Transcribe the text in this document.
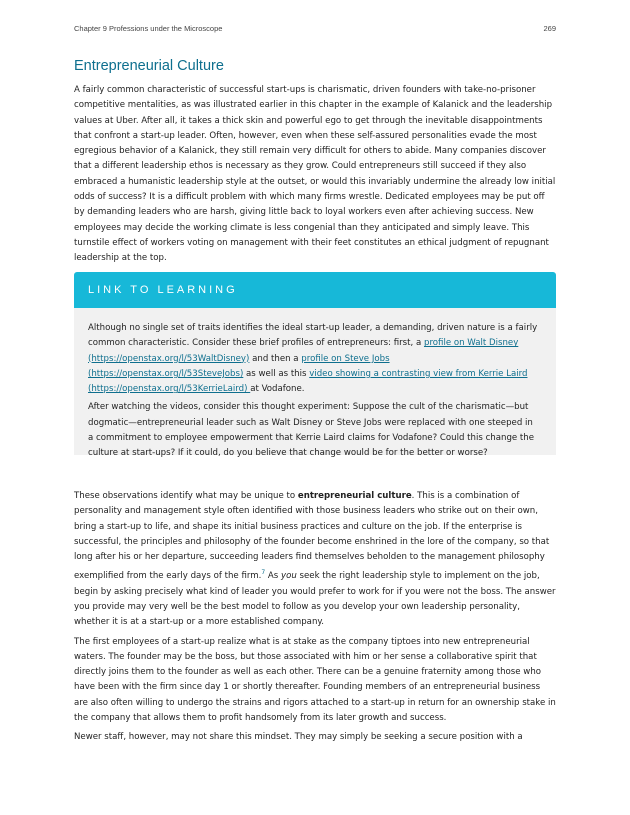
Chapter 9 Professions under the Microscope	269
Entrepreneurial Culture

A fairly common characteristic of successful start-ups is charismatic, driven founders with take-no-prisoner competitive mentalities, as was illustrated earlier in this chapter in the example of Kalanick and the leadership values at Uber. After all, it takes a thick skin and powerful ego to get through the inevitable disappointments that confront a start-up leader. Often, however, even when these self-assured personalities evade the most egregious behavior of a Kalanick, they still remain very difficult for others to abide. Many companies discover that a different leadership ethos is necessary as they grow. Could entrepreneurs still succeed if they also embraced a humanistic leadership style at the outset, or would this invariably undermine the already low initial odds of success? It is a difficult problem with which many firms wrestle. Dedicated employees may be put off by demanding leaders who are harsh, giving little back to loyal workers even after achieving success. New employees may decide the working climate is less congenial than they anticipated and simply leave. This turnstile effect of workers voting on management with their feet constitutes an ethical judgment of repugnant leadership at the top.

LINK TO LEARNING

Although no single set of traits identifies the ideal start-up leader, a demanding, driven nature is a fairly common characteristic. Consider these brief profiles of entrepreneurs: first, a profile on Walt Disney (https://openstax.org/l/53WaltDisney) and then a profile on Steve Jobs (https://openstax.org/l/53SteveJobs) as well as this video showing a contrasting view from Kerrie Laird (https://openstax.org/l/53KerrieLaird) at Vodafone.

After watching the videos, consider this thought experiment: Suppose the cult of the charismatic—but dogmatic—entrepreneurial leader such as Walt Disney or Steve Jobs were replaced with one steeped in a commitment to employee empowerment that Kerrie Laird claims for Vodafone? Could this change the culture at start-ups? If it could, do you believe that change would be for the better or worse?

These observations identify what may be unique to entrepreneurial culture. This is a combination of personality and management style often identified with those business leaders who strike out on their own, bring a start-up to life, and shape its initial business practices and culture on the job. If the enterprise is successful, the principles and philosophy of the founder become enshrined in the lore of the company, so that long after his or her departure, succeeding leaders find themselves beholden to the management philosophy exemplified from the early days of the firm.$^7$ As you seek the right leadership style to implement on the job, begin by asking precisely what kind of leader you would prefer to work for if you were not the boss. The answer you provide may very well be the best model to follow as you develop your own leadership personality, whether it is at a start-up or a more established company.

The first employees of a start-up realize what is at stake as the company tiptoes into new entrepreneurial waters. The founder may be the boss, but those associated with him or her sense a collaborative spirit that directly joins them to the founder as well as each other. There can be a genuine fraternity among those who have been with the firm since day 1 or shortly thereafter. Founding members of an entrepreneurial business are also often willing to undergo the strains and rigors attached to a start-up in return for an ownership stake in the company that allows them to profit handsomely from its later growth and success.

Newer staff, however, may not share this mindset. They may simply be seeking a secure position with a
